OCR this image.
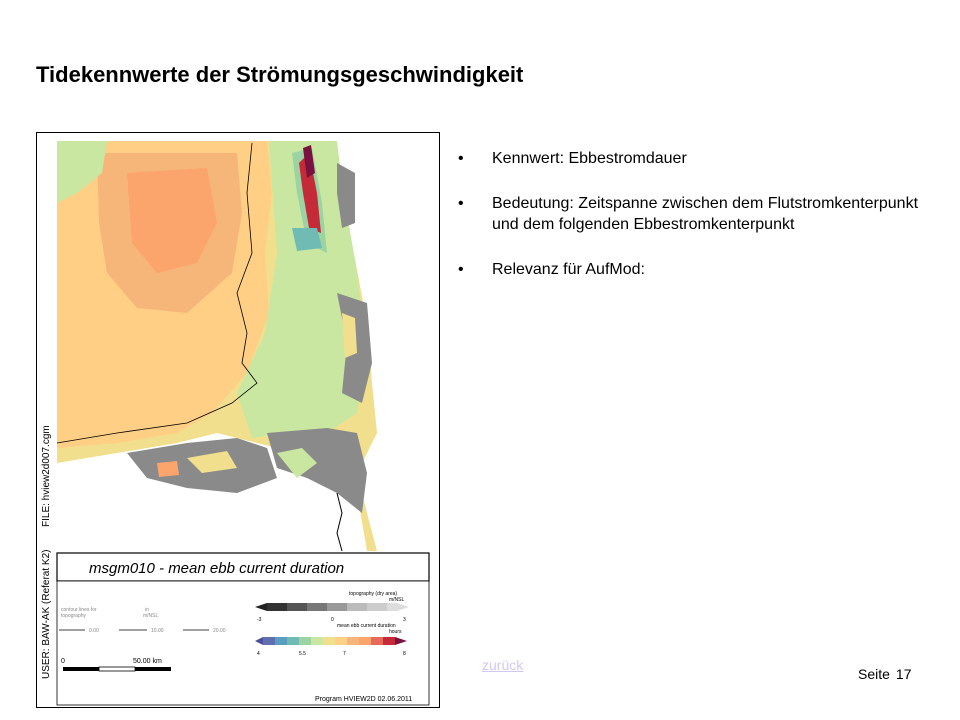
Tidekennwerte der Strömungsgeschwindigkeit
USER: BAW-AK (Referat K2)
FILE: hview2d007.cgm
msgm010 - mean ebb current duration
contour lines for
topography
in
m/NSL
0.00	10.00	20.00
topography (dry area)
m/NSL
-3	0	3
mean ebb current duration
hours
4	5.5	7	8
0	50.00 km
Program HVIEW2D 02.06.2011
• Kennwert: Ebbestromdauer
• Bedeutung: Zeitspanne zwischen dem Flutstromkenterpunkt und dem folgenden Ebbestromkenterpunkt
• Relevanz für AufMod:
zurück
Seite 17
